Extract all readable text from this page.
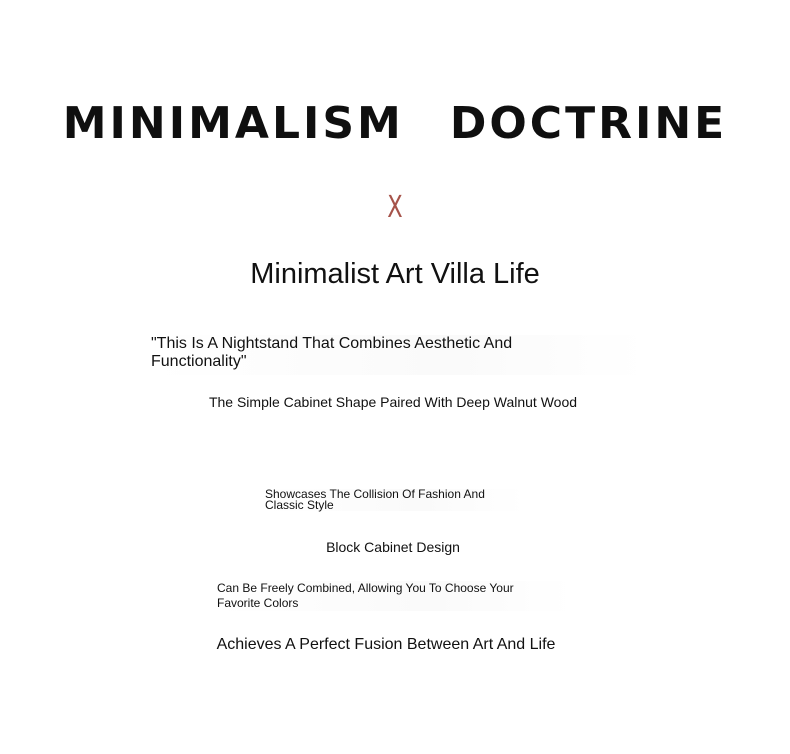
MINIMALISM DOCTRINE
X
Minimalist Art Villa Life
"This Is A Nightstand That Combines Aesthetic And
Functionality"
The Simple Cabinet Shape Paired With Deep Walnut Wood
Showcases The Collision Of Fashion And
Classic Style
Block Cabinet Design
Can Be Freely Combined, Allowing You To Choose Your
Favorite Colors
Achieves A Perfect Fusion Between Art And Life
